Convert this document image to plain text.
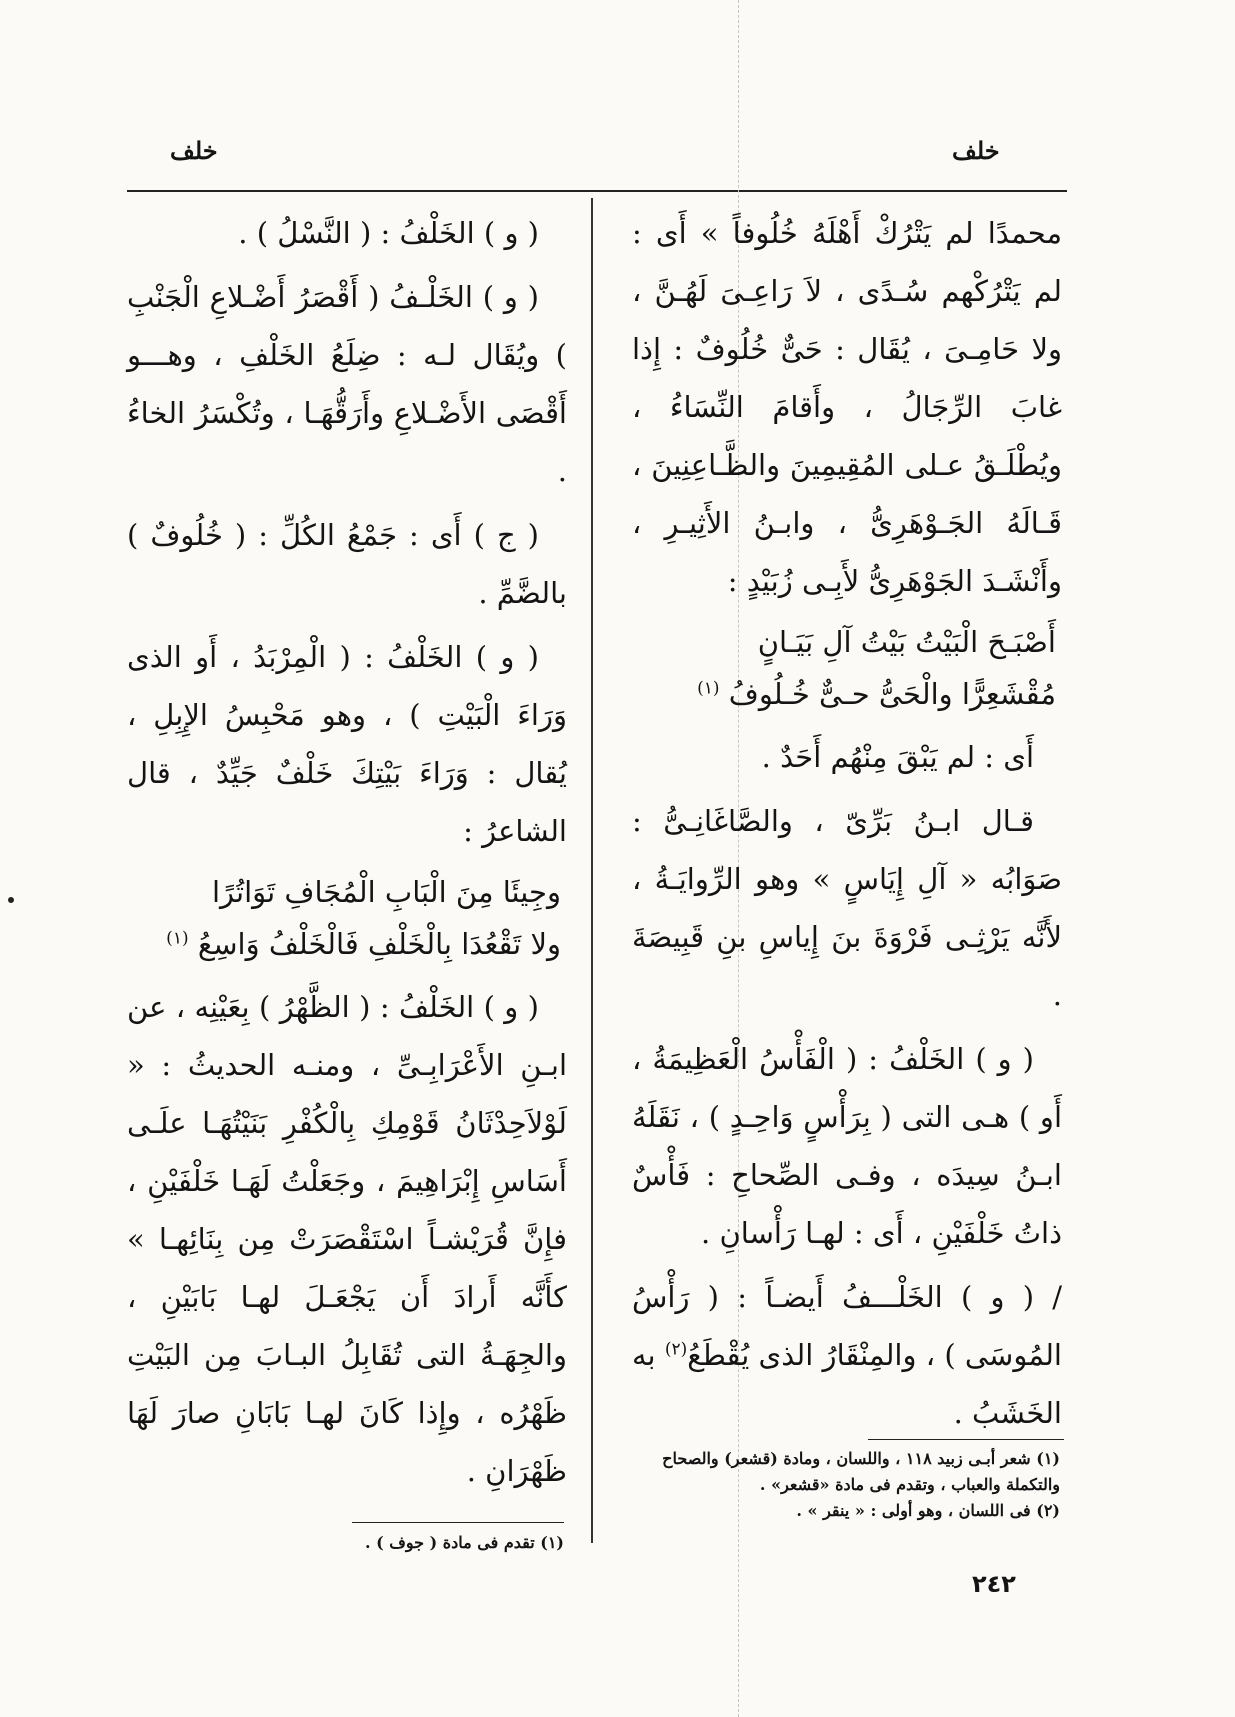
خلف
خلف

محمدًا لم يَتْرُكْ أَهْلَهُ خُلُوفاً » أَى : لم يَتْرُكْهم سُـدًى ، لاَ رَاعِـىَ لَهُـنَّ ، ولا حَامِـىَ ، يُقَال : حَىٌّ خُلُوفٌ : إِذا غابَ الرِّجَالُ ، وأَقامَ النِّسَاءُ ، ويُطْلَـقُ عـلى المُقِيمِينَ والظَّـاعِنِينَ ، قَـالَهُ الجَـوْهَرِىُّ ، وابـنُ الأَثِيـرِ ، وأَنْشَـدَ الجَوْهَرِىُّ لأَبِـى زُبَيْدٍ :

أَصْبَـحَ الْبَيْتُ بَيْتُ آلِ بَيَـانٍ

مُقْشَعِرًّا والْحَىُّ حـىٌّ خُـلُوفُ $^{(١)}$

أَى : لم يَبْقَ مِنْهُم أَحَدٌ .

قـال ابـنُ بَرِّىّ ، والصَّاغَانِـىُّ : صَوَابُه « آلِ إِيَاسٍ » وهو الرِّوايَـةُ ، لأَنَّه يَرْثِـى فَرْوَةَ بنَ إِياسِ بنِ قَبِيصَةَ .

( و ) الخَلْفُ : ( الْفَأْسُ الْعَظِيمَةُ ، أَو ) هـى التى ( بِرَأْسٍ وَاحِـدٍ ) ، نَقَلَهُ ابـنُ سِيدَه ، وفـى الصِّحاحِ : فَأْسٌ ذاتُ خَلْفَيْنِ ، أَى : لهـا رَأْسانِ .

/ ( و ) الخَلْـــفُ أَيضـاً : ( رَأْسُ المُوسَى ) ، والمِنْقَارُ الذى يُقْطَعُ$^{(٢)}$ به الخَشَبُ .

( و ) الخَلْفُ : ( النَّسْلُ ) .

( و ) الخَلْـفُ ( أَقْصَرُ أَضْـلاعِ الْجَنْبِ ) ويُقَال لـه : ضِلَعُ الخَلْفِ ، وهـــو أَقْصَى الأَضْـلاعِ وأَرَقُّهَـا ، وتُكْسَرُ الخاءُ .

( ج ) أَى : جَمْعُ الكُلِّ : ( خُلُوفٌ ) بالضَّمِّ .

( و ) الخَلْفُ : ( الْمِرْبَدُ ، أَو الذى وَرَاءَ الْبَيْتِ ) ، وهو مَحْبِسُ الإِبِلِ ، يُقال : وَرَاءَ بَيْتِكَ خَلْفٌ جَيِّدٌ ، قال الشاعرُ :

وجِيئَا مِنَ الْبَابِ الْمُجَافِ تَوَاتُرًا

ولا تَقْعُدَا بِالْخَلْفِ فَالْخَلْفُ وَاسِعُ $^{(١)}$

( و ) الخَلْفُ : ( الظَّهْرُ ) بِعَيْنِه ، عن ابـنِ الأَعْرَابِـىِّ ، ومنـه الحديثُ : « لَوْلاَحِدْثَانُ قَوْمِكِ بِالْكُفْرِ بَنَيْتُهَـا علَـى أَسَاسِ إِبْرَاهِيمَ ، وجَعَلْتُ لَهَـا خَلْفَيْنِ ، فإِنَّ قُرَيْشـاً اسْتَقْصَرَتْ مِن بِنَائِهـا » كأَنَّه أَرادَ أَن يَجْعَـلَ لهـا بَابَيْنِ ، والجِهَـةُ التى تُقَابِلُ البـابَ مِن البَيْتِ ظَهْرُه ، وإِذا كَانَ لهـا بَابَانِ صارَ لَهَا ظَهْرَانِ .	(١) شعر أبـى زبيد ١١٨ ، واللسان ، ومادة (قشعر) والصحاح والتكملة والعباب ، وتقدم فى مادة «قشعر» .

(٢) فى اللسان ، وهو أولى : « ينقر » .

(١) تقدم فى مادة ( جوف ) .

٢٤٢
